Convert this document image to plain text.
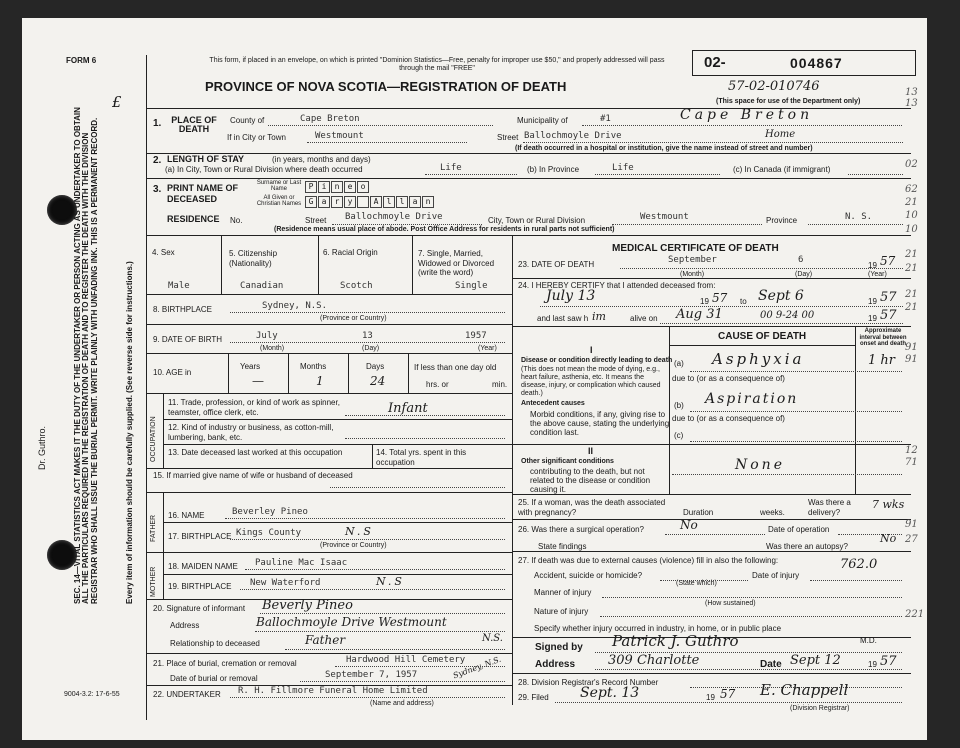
FORM 6
£
Dr. Guthro.
9004-3.2: 17-6-55
SEC. 14—VITAL STATISTICS ACT MAKES IT THE DUTY OF THE UNDERTAKER OR PERSON ACTING AS UNDERTAKER TO OBTAIN ALL THE PARTICULARS REQUIRED IN THE REGISTRATION OF DEATH AND TO REGISTER THE DEATH WITH THE DIVISION REGISTRAR WHO SHALL ISSUE THE BURIAL PERMIT. WRITE PLAINLY WITH UNFADING INK. THIS IS A PERMANENT RECORD.	Every item of information should be carefully supplied. (See reverse side for instructions.)
This form, if placed in an envelope, on which is printed "Dominion Statistics—Free, penalty for improper use $50," and properly addressed will pass through the mail "FREE"
PROVINCE OF NOVA SCOTIA—REGISTRATION OF DEATH
02-	004867
57-02-010746
(This space for use of the Department only)
1.	PLACE OF DEATH
County of	Cape Breton	Municipality of	#1	Cape Breton
If in City or Town	Westmount	Street Ballochmoyle Drive	Home
(If death occurred in a hospital or institution, give the name instead of street and number)
2. LENGTH OF STAY	(in years, months and days)
(a) In City, Town or Rural Division where death occurred	Life	(b) In Province	Life	(c) In Canada (if immigrant)
3. PRINT NAME OF DECEASED
Surname or Last Name	P	i	n	e	o
All Given or Christian Names G	a	r	y	A	l	l	a	n
RESIDENCE No.	Street Ballochmoyle Drive	City, Town or Rural Division	Westmount	Province	N. S.
(Residence means usual place of abode. Post Office Address for residents in rural parts not sufficient)
4. Sex
Male
5. Citizenship (Nationality)
Canadian
6. Racial Origin
Scotch
7. Single, Married, Widowed or Divorced (write the word)
Single
8. BIRTHPLACE	Sydney, N.S.
(Province or Country)
9. DATE OF BIRTH	July	13	1957
(Month)	(Day)	(Year)
10. AGE in
Years	Months	Days
—	1	24
If less than one day old
hrs. or	min.
OCCUPATION
11. Trade, profession, or kind of work as spinner, teamster, office clerk, etc.	Infant
12. Kind of industry or business, as cotton-mill, lumbering, bank, etc.
13. Date deceased last worked at this occupation	14. Total yrs. spent in this occupation
15. If married give name of wife or husband of deceased
FATHER 16. NAME	Beverley Pineo
17. BIRTHPLACE Kings County	N.S
(Province or Country)
MOTHER
18. MAIDEN NAME Pauline Mac Isaac
19. BIRTHPLACE New Waterford	N.S
20. Signature of informant Beverly Pineo
Address	Ballochmoyle Drive Westmount
Relationship to deceased	Father	N.S.
21. Place of burial, cremation or removal	Hardwood Hill Cemetery
Sydney, N.S.
Date of burial or removal	September 7, 1957
22. UNDERTAKER R. H. Fillmore Funeral Home Limited
(Name and address)
MEDICAL CERTIFICATE OF DEATH
23. DATE OF DEATH	September	6
19 57
(Month)	(Day)	(Year)
24. I HEREBY CERTIFY that I attended deceased from:
July 13	19 57 to Sept 6	19 57
and last saw h im	alive on Aug 31	00 9-24 00	19 57
CAUSE OF DEATH	Approximate interval between onset and death
I
Disease or condition directly leading to death
(This does not mean the mode of dying, e.g., heart failure, asthenia, etc. It means the disease, injury, or complication which caused death.)
(a) Asphyxia	1 hr
due to (or as a consequence of)
Antecedent causes
Morbid conditions, if any, giving rise to the above cause, stating the underlying condition last.
(b) Aspiration
due to (or as a consequence of)
(c)
II
Other significant conditions
contributing to the death, but not related to the disease or condition causing it.
None
25. If a woman, was the death associated with pregnancy?	Duration	weeks.
Was there a delivery?
7 wks
26. Was there a surgical operation?	No	Date of operation
State findings	Was there an autopsy?
No
27. If death was due to external causes (violence) fill in also the following:	762.0
Accident, suicide or homicide?
(State which)
Date of injury
Manner of injury
(How sustained)
Nature of injury
Specify whether injury occurred in industry, in home, or in public place
Signed by Patrick J. Guthro	M.D.
Address	309 Charlotte	Date Sept 12	19 57
28. Division Registrar's Record Number
29. Filed Sept. 13	19 57 E. Chappell
(Division Registrar)
13
13
02
62
21
10
10
21
21
21
21
91
91
12
71
91
27
221
